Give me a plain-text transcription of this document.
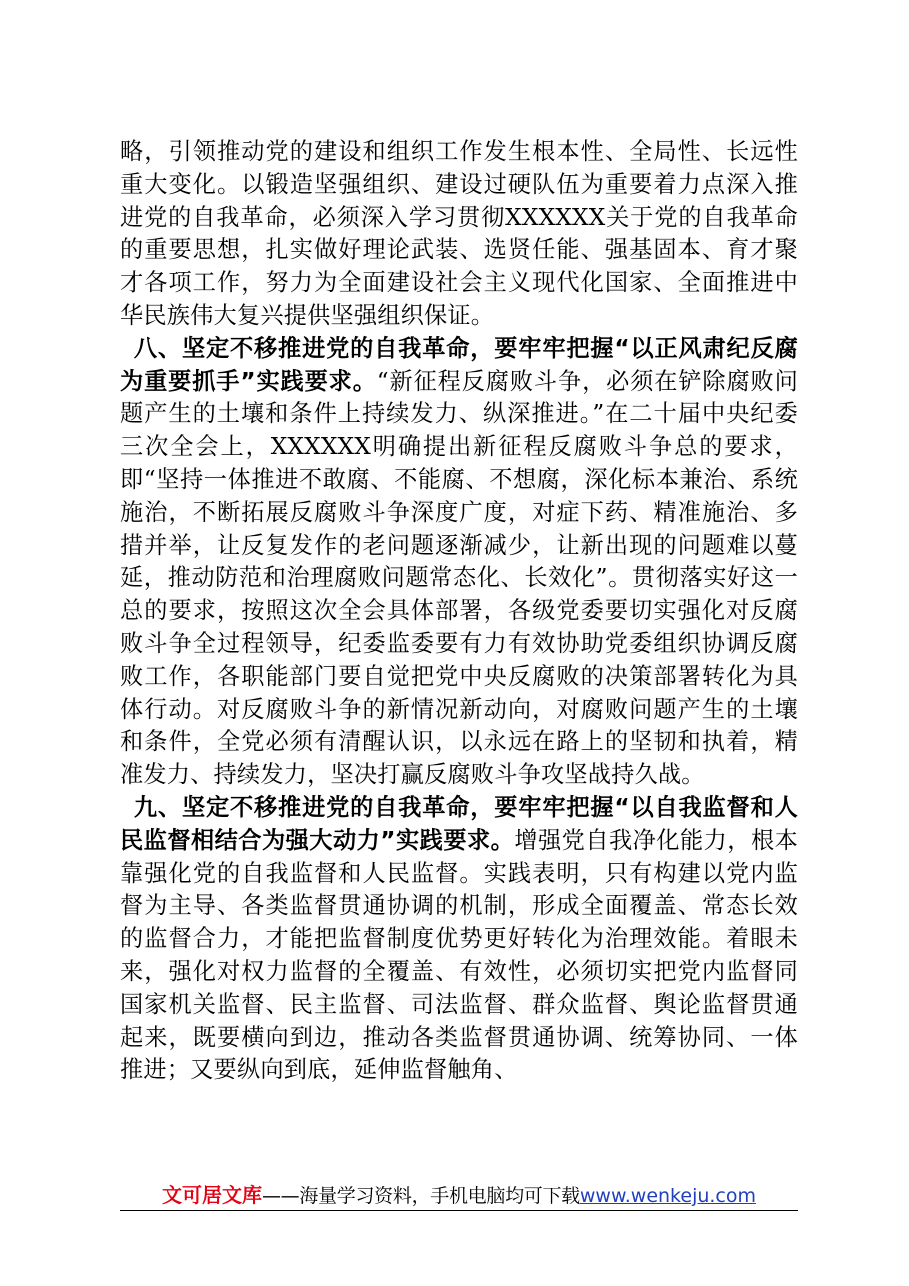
略，引领推动党的建设和组织工作发生根本性、全局性、长远性重大变化。以锻造坚强组织、建设过硬队伍为重要着力点深入推进党的自我革命，必须深入学习贯彻XXXXXX关于党的自我革命的重要思想，扎实做好理论武装、选贤任能、强基固本、育才聚才各项工作，努力为全面建设社会主义现代化国家、全面推进中华民族伟大复兴提供坚强组织保证。

八、坚定不移推进党的自我革命，要牢牢把握“以正风肃纪反腐为重要抓手”实践要求。“新征程反腐败斗争，必须在铲除腐败问题产生的土壤和条件上持续发力、纵深推进。”在二十届中央纪委三次全会上，XXXXXX明确提出新征程反腐败斗争总的要求，即“坚持一体推进不敢腐、不能腐、不想腐，深化标本兼治、系统施治，不断拓展反腐败斗争深度广度，对症下药、精准施治、多措并举，让反复发作的老问题逐渐减少，让新出现的问题难以蔓延，推动防范和治理腐败问题常态化、长效化”。贯彻落实好这一总的要求，按照这次全会具体部署，各级党委要切实强化对反腐败斗争全过程领导，纪委监委要有力有效协助党委组织协调反腐败工作，各职能部门要自觉把党中央反腐败的决策部署转化为具体行动。对反腐败斗争的新情况新动向，对腐败问题产生的土壤和条件，全党必须有清醒认识，以永远在路上的坚韧和执着，精准发力、持续发力，坚决打赢反腐败斗争攻坚战持久战。

九、坚定不移推进党的自我革命，要牢牢把握“以自我监督和人民监督相结合为强大动力”实践要求。增强党自我净化能力，根本靠强化党的自我监督和人民监督。实践表明，只有构建以党内监督为主导、各类监督贯通协调的机制，形成全面覆盖、常态长效的监督合力，才能把监督制度优势更好转化为治理效能。着眼未来，强化对权力监督的全覆盖、有效性，必须切实把党内监督同国家机关监督、民主监督、司法监督、群众监督、舆论监督贯通起来，既要横向到边，推动各类监督贯通协调、统筹协同、一体推进；又要纵向到底，延伸监督触角、

文可居文库——海量学习资料，手机电脑均可下载www.wenkeju.com
